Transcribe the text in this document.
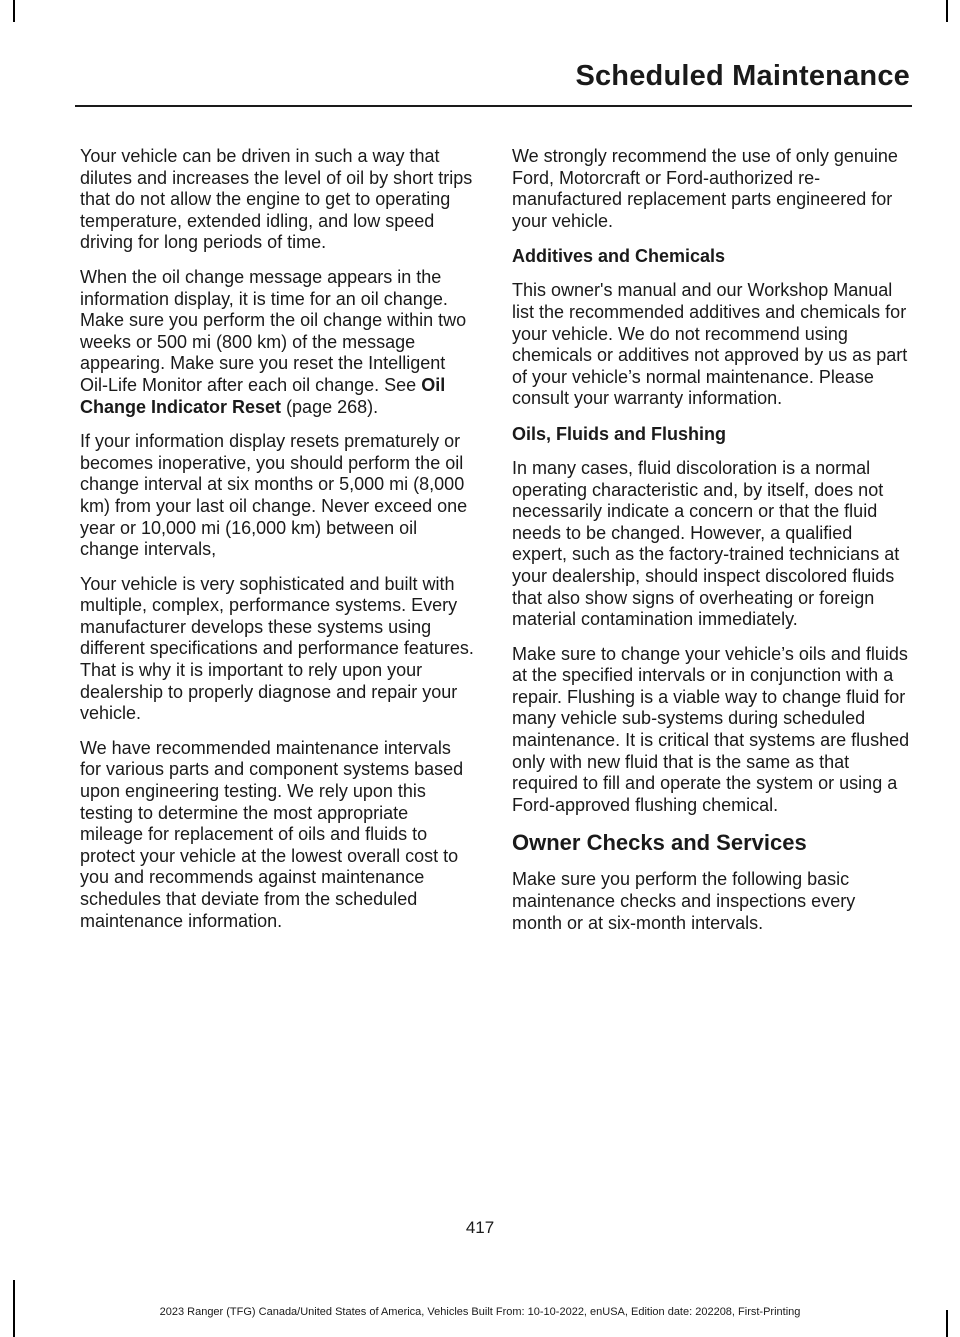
Scheduled Maintenance

Your vehicle can be driven in such a way that dilutes and increases the level of oil by short trips that do not allow the engine to get to operating temperature, extended idling, and low speed driving for long periods of time.

When the oil change message appears in the information display, it is time for an oil change. Make sure you perform the oil change within two weeks or 500 mi (800 km) of the message appearing. Make sure you reset the Intelligent Oil-Life Monitor after each oil change. See Oil Change Indicator Reset (page 268).

If your information display resets prematurely or becomes inoperative, you should perform the oil change interval at six months or 5,000 mi (8,000 km) from your last oil change. Never exceed one year or 10,000 mi (16,000 km) between oil change intervals,

Your vehicle is very sophisticated and built with multiple, complex, performance systems. Every manufacturer develops these systems using different specifications and performance features. That is why it is important to rely upon your dealership to properly diagnose and repair your vehicle.

We have recommended maintenance intervals for various parts and component systems based upon engineering testing. We rely upon this testing to determine the most appropriate mileage for replacement of oils and fluids to protect your vehicle at the lowest overall cost to you and recommends against maintenance schedules that deviate from the scheduled maintenance information.

We strongly recommend the use of only genuine Ford, Motorcraft or Ford-authorized re-manufactured replacement parts engineered for your vehicle.

Additives and Chemicals

This owner's manual and our Workshop Manual list the recommended additives and chemicals for your vehicle. We do not recommend using chemicals or additives not approved by us as part of your vehicle’s normal maintenance. Please consult your warranty information.

Oils, Fluids and Flushing

In many cases, fluid discoloration is a normal operating characteristic and, by itself, does not necessarily indicate a concern or that the fluid needs to be changed. However, a qualified expert, such as the factory-trained technicians at your dealership, should inspect discolored fluids that also show signs of overheating or foreign material contamination immediately.

Make sure to change your vehicle’s oils and fluids at the specified intervals or in conjunction with a repair. Flushing is a viable way to change fluid for many vehicle sub-systems during scheduled maintenance. It is critical that systems are flushed only with new fluid that is the same as that required to fill and operate the system or using a Ford-approved flushing chemical.

Owner Checks and Services

Make sure you perform the following basic maintenance checks and inspections every month or at six-month intervals.

417

2023 Ranger (TFG) Canada/United States of America, Vehicles Built From: 10-10-2022, enUSA, Edition date: 202208, First-Printing
